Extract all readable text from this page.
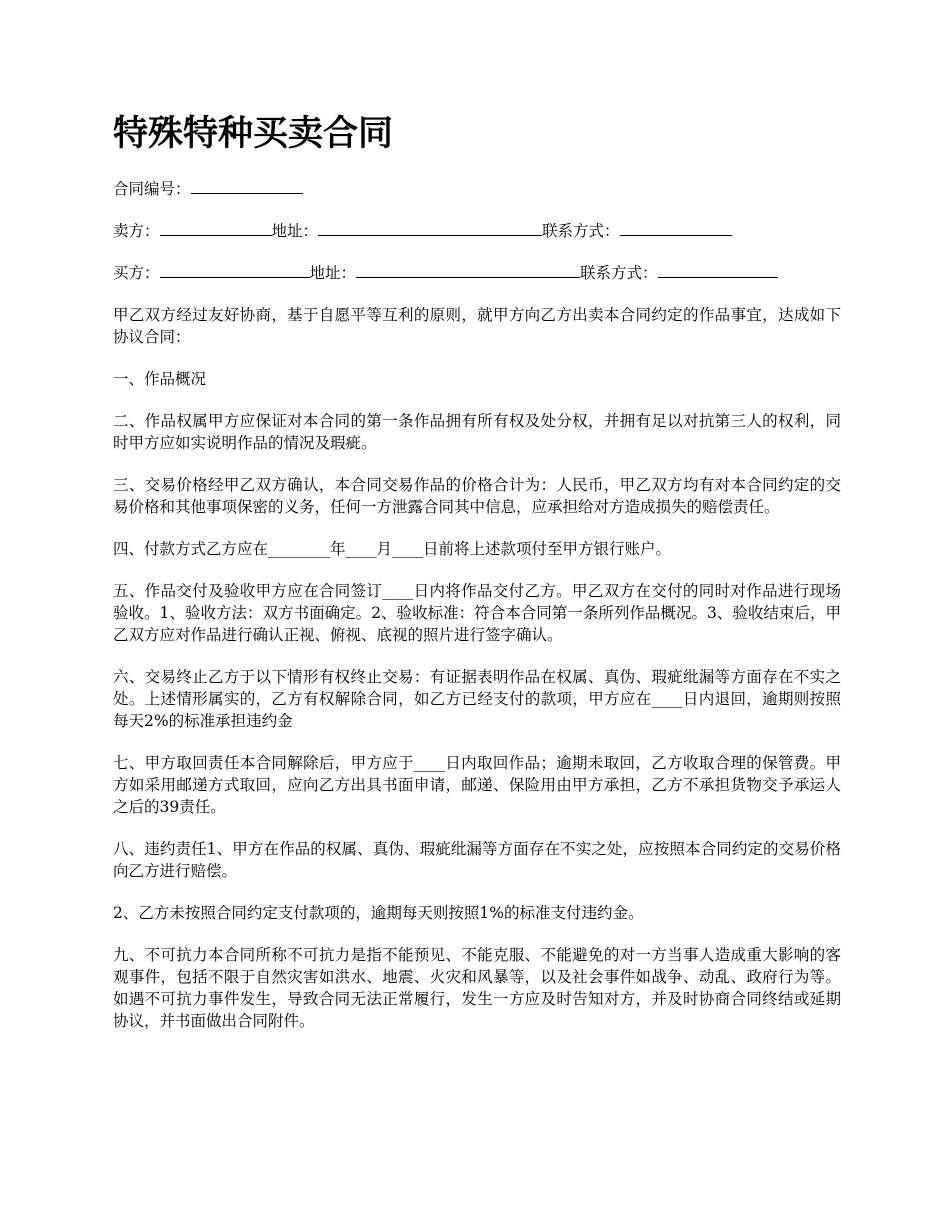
特殊特种买卖合同
合同编号：
卖方：	地址：	联系方式：
买方：	地址：	联系方式：

甲乙双方经过友好协商，基于自愿平等互利的原则，就甲方向乙方出卖本合同约定的作品事宜，达成如下协议合同：

一、作品概况

二、作品权属甲方应保证对本合同的第一条作品拥有所有权及处分权，并拥有足以对抗第三人的权利，同时甲方应如实说明作品的情况及瑕疵。

三、交易价格经甲乙双方确认，本合同交易作品的价格合计为：人民币，甲乙双方均有对本合同约定的交易价格和其他事项保密的义务，任何一方泄露合同其中信息，应承担给对方造成损失的赔偿责任。

四、付款方式乙方应在________年____月____日前将上述款项付至甲方银行账户。

五、作品交付及验收甲方应在合同签订____日内将作品交付乙方。甲乙双方在交付的同时对作品进行现场验收。1、验收方法：双方书面确定。2、验收标准：符合本合同第一条所列作品概况。3、验收结束后，甲乙双方应对作品进行确认正视、俯视、底视的照片进行签字确认。

六、交易终止乙方于以下情形有权终止交易：有证据表明作品在权属、真伪、瑕疵纰漏等方面存在不实之处。上述情形属实的，乙方有权解除合同，如乙方已经支付的款项，甲方应在____日内退回，逾期则按照每天2%的标准承担违约金

七、甲方取回责任本合同解除后，甲方应于____日内取回作品；逾期未取回，乙方收取合理的保管费。甲方如采用邮递方式取回，应向乙方出具书面申请，邮递、保险用由甲方承担，乙方不承担货物交予承运人之后的39责任。

八、违约责任1、甲方在作品的权属、真伪、瑕疵纰漏等方面存在不实之处，应按照本合同约定的交易价格向乙方进行赔偿。

2、乙方未按照合同约定支付款项的，逾期每天则按照1%的标准支付违约金。

九、不可抗力本合同所称不可抗力是指不能预见、不能克服、不能避免的对一方当事人造成重大影响的客观事件，包括不限于自然灾害如洪水、地震、火灾和风暴等，以及社会事件如战争、动乱、政府行为等。如遇不可抗力事件发生，导致合同无法正常履行，发生一方应及时告知对方，并及时协商合同终结或延期协议，并书面做出合同附件。
